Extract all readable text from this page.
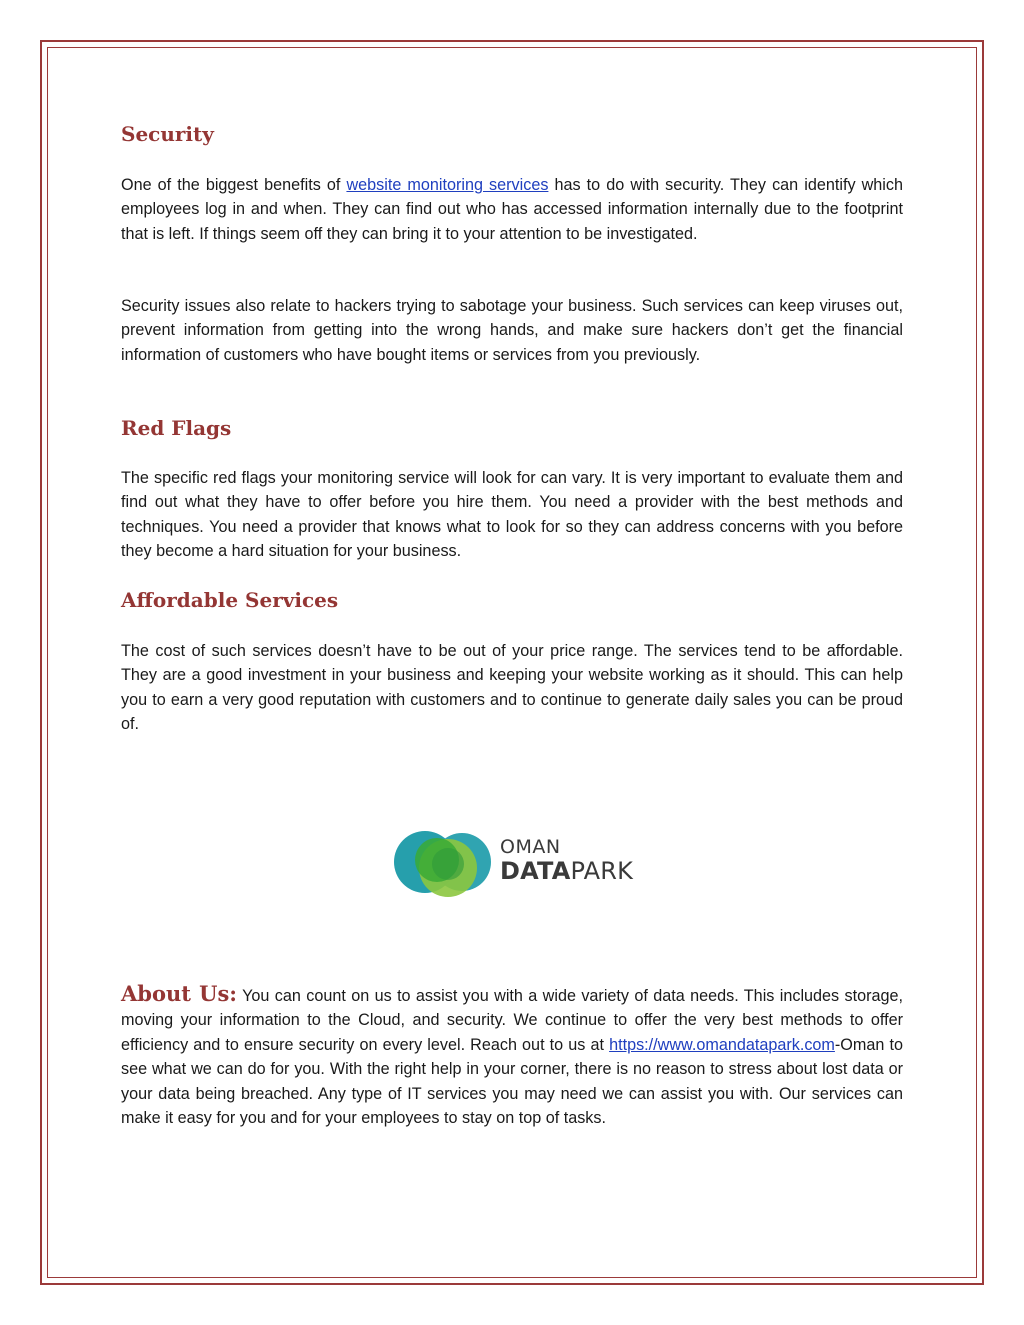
Security

One of the biggest benefits of website monitoring services has to do with security. They can identify which employees log in and when. They can find out who has accessed information internally due to the footprint that is left. If things seem off they can bring it to your attention to be investigated.

Security issues also relate to hackers trying to sabotage your business. Such services can keep viruses out, prevent information from getting into the wrong hands, and make sure hackers don’t get the financial information of customers who have bought items or services from you previously.

Red Flags

The specific red flags your monitoring service will look for can vary. It is very important to evaluate them and find out what they have to offer before you hire them. You need a provider with the best methods and techniques. You need a provider that knows what to look for so they can address concerns with you before they become a hard situation for your business.

Affordable Services

The cost of such services doesn’t have to be out of your price range. The services tend to be affordable. They are a good investment in your business and keeping your website working as it should. This can help you to earn a very good reputation with customers and to continue to generate daily sales you can be proud of.

About Us: You can count on us to assist you with a wide variety of data needs. This includes storage, moving your information to the Cloud, and security. We continue to offer the very best methods to offer efficiency and to ensure security on every level. Reach out to us at https://www.omandatapark.com-Oman to see what we can do for you. With the right help in your corner, there is no reason to stress about lost data or your data being breached. Any type of IT services you may need we can assist you with. Our services can make it easy for you and for your employees to stay on top of tasks.

OMAN
DATAPARK
